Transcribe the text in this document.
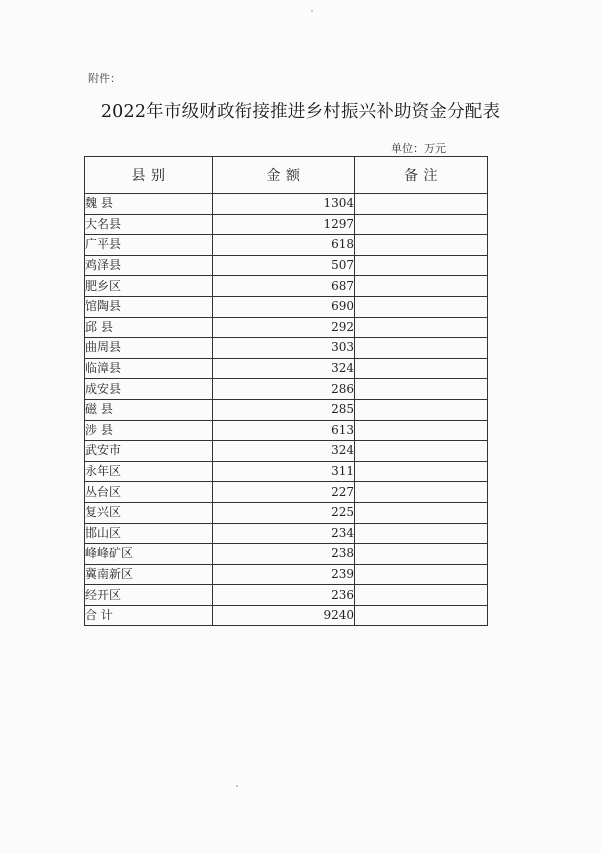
附件：
2022年市级财政衔接推进乡村振兴补助资金分配表
单位：万元
县 别	金 额	备 注
魏 县	1304	
大名县	1297	
广平县	618	
鸡泽县	507	
肥乡区	687	
馆陶县	690	
邱 县	292	
曲周县	303	
临漳县	324	
成安县	286	
磁 县	285	
涉 县	613	
武安市	324	
永年区	311	
丛台区	227	
复兴区	225	
邯山区	234	
峰峰矿区	238	
冀南新区	239	
经开区	236	
合 计	9240	
